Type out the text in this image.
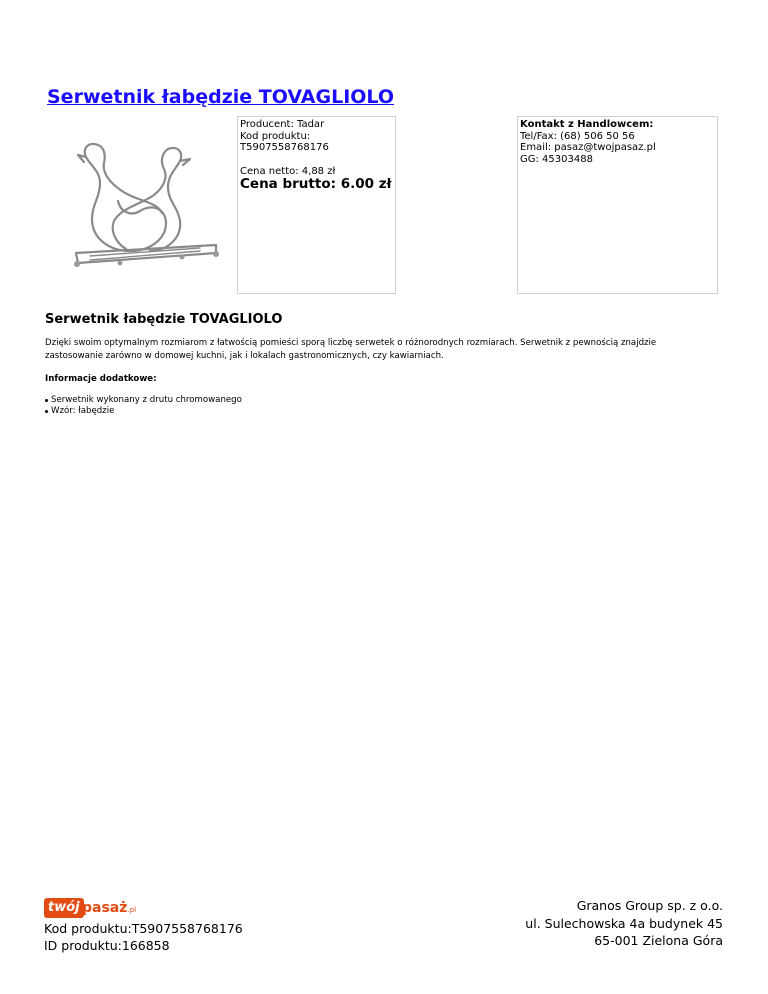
Serwetnik łabędzie TOVAGLIOLO
Producent: Tadar
Kod produktu: T5907558768176
Cena netto: 4,88 zł
Cena brutto: 6.00 zł
Kontakt z Handlowcem:
Tel/Fax: (68) 506 50 56
Email: pasaz@twojpasaz.pl
GG: 45303488
Serwetnik łabędzie TOVAGLIOLO
Dzięki swoim optymalnym rozmiarom z łatwością pomieści sporą liczbę serwetek o różnorodnych rozmiarach. Serwetnik z pewnością znajdzie zastosowanie zarówno w domowej kuchni, jak i lokalach gastronomicznych, czy kawiarniach.
Informacje dodatkowe:
Serwetnik wykonany z drutu chromowanego
Wzór: łabędzie
twój pasaż.pl
Kod produktu:T5907558768176
ID produktu:166858
Granos Group sp. z o.o.
ul. Sulechowska 4a budynek 45
65-001 Zielona Góra
